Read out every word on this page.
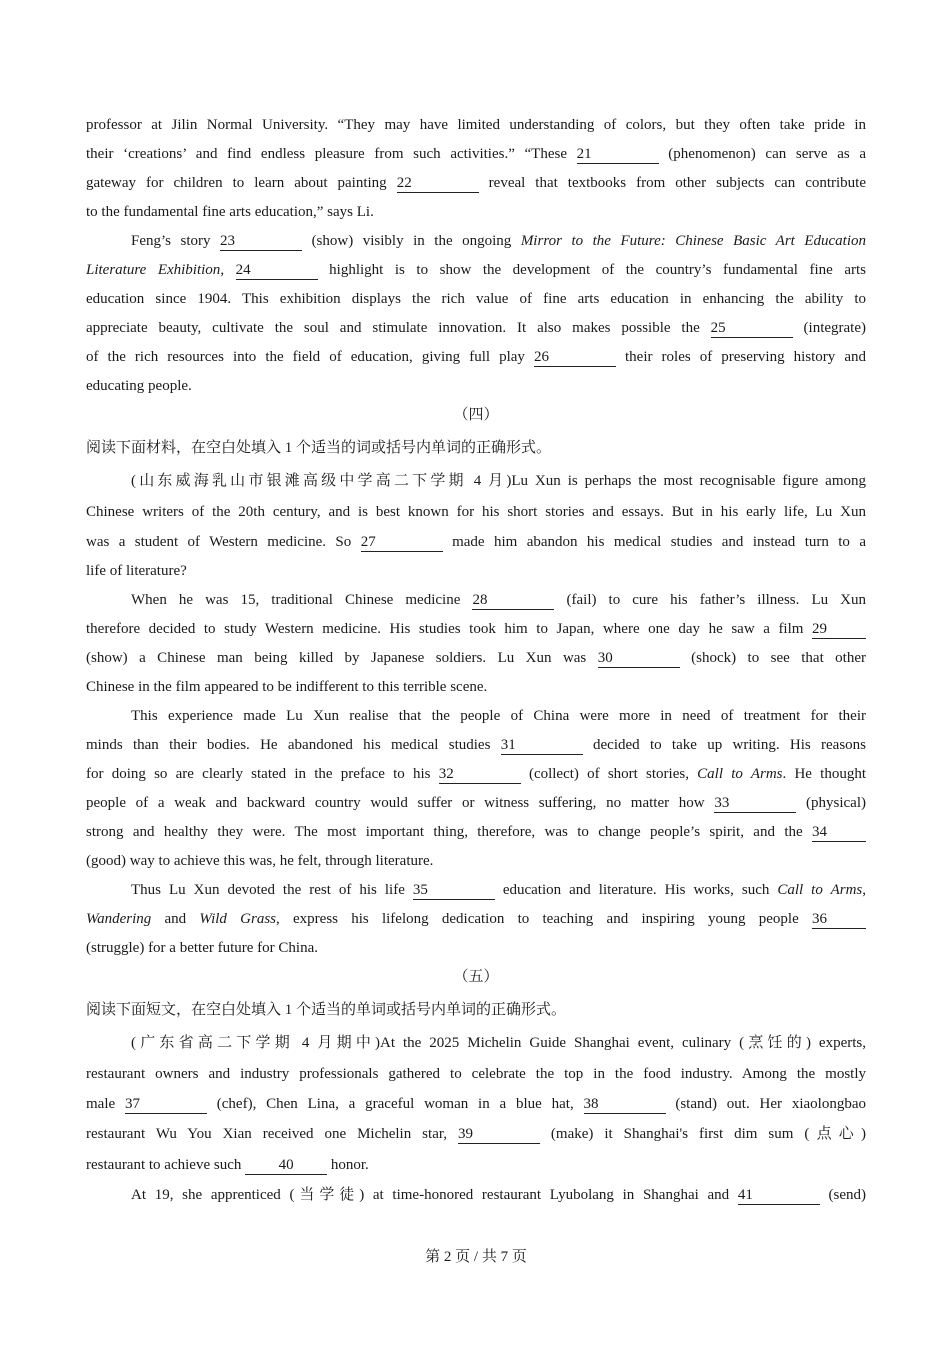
professor at Jilin Normal University. “They may have limited understanding of colors, but they often take pride in
their ‘creations’ and find endless pleasure from such activities.” “These 21	(phenomenon) can serve as a
gateway for children to learn about painting 22	reveal that textbooks from other subjects can contribute
to the fundamental fine arts education,” says Li.
Feng’s story 23	(show) visibly in the ongoing Mirror to the Future: Chinese Basic Art Education
Literature Exhibition, 24	highlight is to show the development of the country’s fundamental fine arts
education since 1904. This exhibition displays the rich value of fine arts education in enhancing the ability to
appreciate beauty, cultivate the soul and stimulate innovation. It also makes possible the 25	(integrate)
of the rich resources into the field of education, giving full play 26	their roles of preserving history and
educating people.
阅读下面材料，在空白处填入 1 个适当的词或括号内单词的正确形式。
(山东威海乳山市银滩高级中学高二下学期 4 月)Lu Xun is perhaps the most recognisable figure among
Chinese writers of the 20th century, and is best known for his short stories and essays. But in his early life, Lu Xun
was a student of Western medicine. So 27	made him abandon his medical studies and instead turn to a
life of literature?
When he was 15, traditional Chinese medicine 28	(fail) to cure his father’s illness. Lu Xun
therefore decided to study Western medicine. His studies took him to Japan, where one day he saw a film 29
(show) a Chinese man being killed by Japanese soldiers. Lu Xun was 30	(shock) to see that other
Chinese in the film appeared to be indifferent to this terrible scene.
This experience made Lu Xun realise that the people of China were more in need of treatment for their
minds than their bodies. He abandoned his medical studies 31	decided to take up writing. His reasons
for doing so are clearly stated in the preface to his 32	(collect) of short stories, Call to Arms. He thought
people of a weak and backward country would suffer or witness suffering, no matter how 33	(physical)
strong and healthy they were. The most important thing, therefore, was to change people’s spirit, and the 34
(good) way to achieve this was, he felt, through literature.
Thus Lu Xun devoted the rest of his life 35	education and literature. His works, such Call to Arms,
Wandering and Wild Grass, express his lifelong dedication to teaching and inspiring young people 36
(struggle) for a better future for China.
阅读下面短文，在空白处填入 1 个适当的单词或括号内单词的正确形式。
(广东省高二下学期 4 月期中)At the 2025 Michelin Guide Shanghai event, culinary (烹饪的) experts,
restaurant owners and industry professionals gathered to celebrate the top in the food industry. Among the mostly
male 37	(chef), Chen Lina, a graceful woman in a blue hat, 38	(stand) out. Her xiaolongbao
restaurant Wu You Xian received one Michelin star, 39	(make) it Shanghai's first dim sum (点心)
restaurant to achieve such 40 honor.
At 19, she apprenticed (当学徒) at time-honored restaurant Lyubolang in Shanghai and 41	(send)
（四）
（五）
第 2 页 / 共 7 页
